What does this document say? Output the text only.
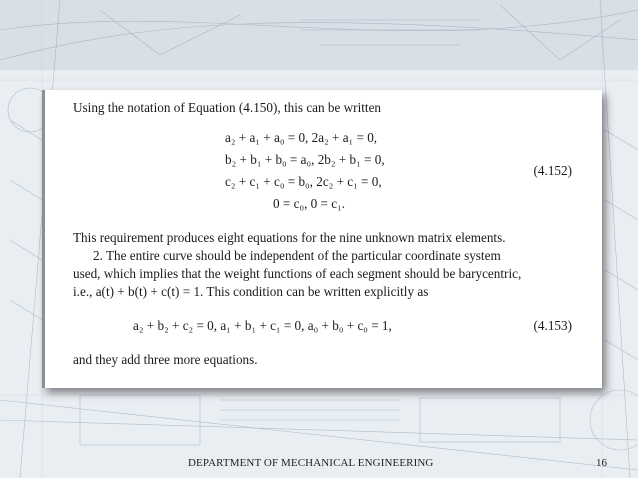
Using the notation of Equation (4.150), this can be written
a₂ + a₁ + a₀ = 0, 2a₂ + a₁ = 0,
b₂ + b₁ + b₀ = a₀, 2b₂ + b₁ = 0,
c₂ + c₁ + c₀ = b₀, 2c₂ + c₁ = 0,
0 = c₀, 0 = c₁.
(4.152)
This requirement produces eight equations for the nine unknown matrix elements.
2. The entire curve should be independent of the particular coordinate system
used, which implies that the weight functions of each segment should be barycentric,
i.e., a(t) + b(t) + c(t) = 1. This condition can be written explicitly as
a₂ + b₂ + c₂ = 0, a₁ + b₁ + c₁ = 0, a₀ + b₀ + c₀ = 1,	(4.153)
and they add three more equations.
DEPARTMENT OF MECHANICAL ENGINEERING	16
